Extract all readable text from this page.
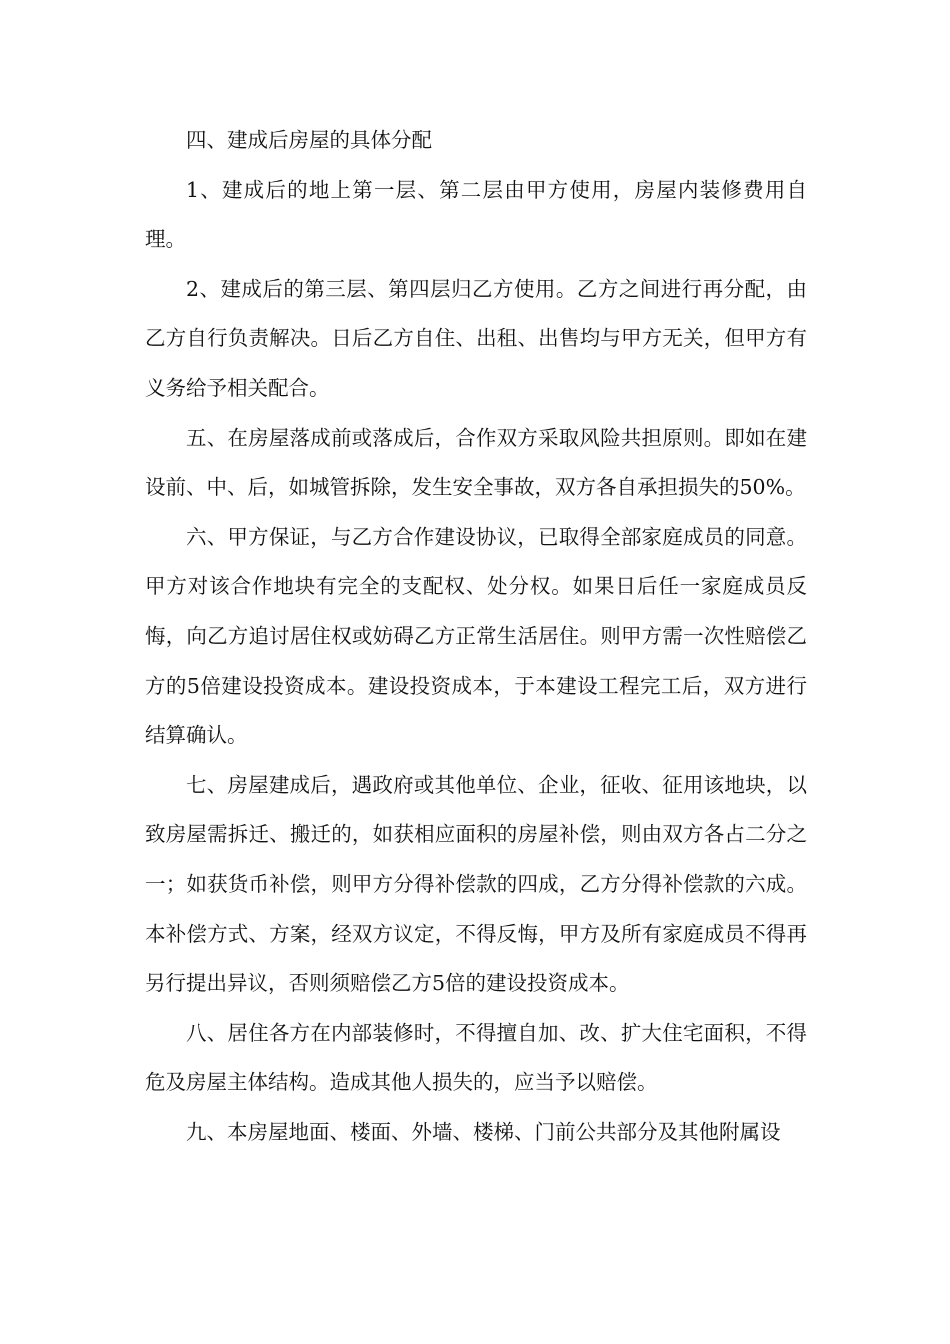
四、建成后房屋的具体分配

1、建成后的地上第一层、第二层由甲方使用，房屋内装修费用自理。

2、建成后的第三层、第四层归乙方使用。乙方之间进行再分配，由乙方自行负责解决。日后乙方自住、出租、出售均与甲方无关，但甲方有义务给予相关配合。

五、在房屋落成前或落成后，合作双方采取风险共担原则。即如在建设前、中、后，如城管拆除，发生安全事故，双方各自承担损失的50%。

六、甲方保证，与乙方合作建设协议，已取得全部家庭成员的同意。甲方对该合作地块有完全的支配权、处分权。如果日后任一家庭成员反悔，向乙方追讨居住权或妨碍乙方正常生活居住。则甲方需一次性赔偿乙方的5倍建设投资成本。建设投资成本，于本建设工程完工后，双方进行结算确认。

七、房屋建成后，遇政府或其他单位、企业，征收、征用该地块，以致房屋需拆迁、搬迁的，如获相应面积的房屋补偿，则由双方各占二分之一；如获货币补偿，则甲方分得补偿款的四成，乙方分得补偿款的六成。本补偿方式、方案，经双方议定，不得反悔，甲方及所有家庭成员不得再另行提出异议，否则须赔偿乙方5倍的建设投资成本。

八、居住各方在内部装修时，不得擅自加、改、扩大住宅面积，不得危及房屋主体结构。造成其他人损失的，应当予以赔偿。

九、本房屋地面、楼面、外墙、楼梯、门前公共部分及其他附属设
